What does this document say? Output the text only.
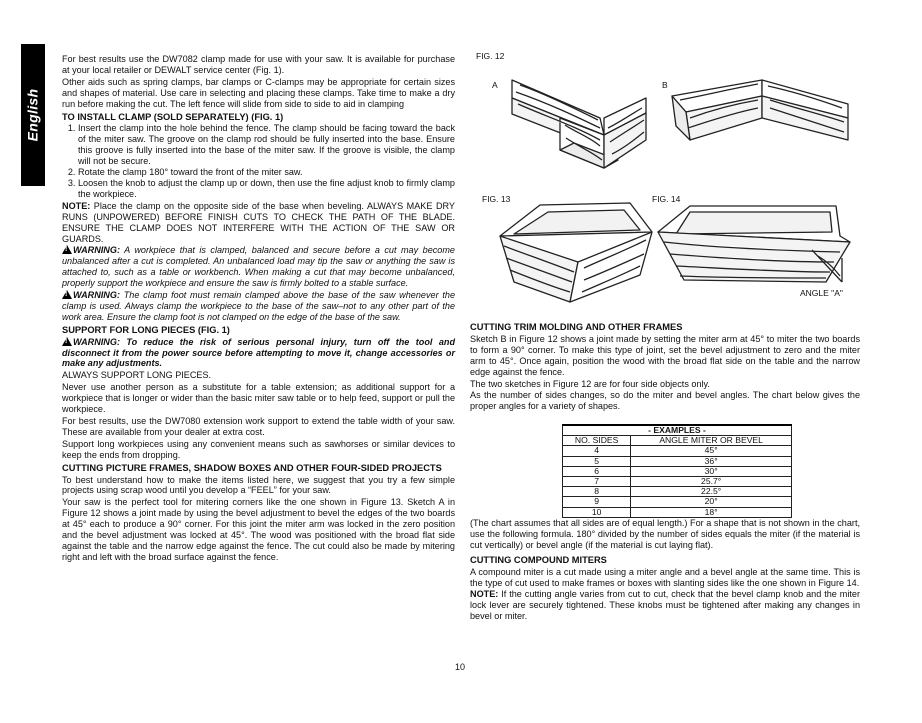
English

For best results use the DW7082 clamp made for use with your saw. It is available for purchase at your local retailer or DEWALT service center (Fig. 1).

Other aids such as spring clamps, bar clamps or C-clamps may be appropriate for certain sizes and shapes of material. Use care in selecting and placing these clamps. Take time to make a dry run before making the cut. The left fence will slide from side to side to aid in clamping

TO INSTALL CLAMP (SOLD SEPARATELY) (FIG. 1)
1. Insert the clamp into the hole behind the fence. The clamp should be facing toward the back of the miter saw. The groove on the clamp rod should be fully inserted into the base. Ensure this groove is fully inserted into the base of the miter saw. If the groove is visible, the clamp will not be secure.
2. Rotate the clamp 180° toward the front of the miter saw.
3. Loosen the knob to adjust the clamp up or down, then use the fine adjust knob to firmly clamp the workpiece.

NOTE: Place the clamp on the opposite side of the base when beveling. ALWAYS MAKE DRY RUNS (UNPOWERED) BEFORE FINISH CUTS TO CHECK THE PATH OF THE BLADE. ENSURE THE CLAMP DOES NOT INTERFERE WITH THE ACTION OF THE SAW OR GUARDS.

!WARNING: A workpiece that is clamped, balanced and secure before a cut may become unbalanced after a cut is completed. An unbalanced load may tip the saw or anything the saw is attached to, such as a table or workbench. When making a cut that may become unbalanced, properly support the workpiece and ensure the saw is firmly bolted to a stable surface.

!WARNING: The clamp foot must remain clamped above the base of the saw whenever the clamp is used. Always clamp the workpiece to the base of the saw–not to any other part of the work area. Ensure the clamp foot is not clamped on the edge of the base of the saw.

SUPPORT FOR LONG PIECES (FIG. 1)

!WARNING: To reduce the risk of serious personal injury, turn off the tool and disconnect it from the power source before attempting to move it, change accessories or make any adjustments.

ALWAYS SUPPORT LONG PIECES.

Never use another person as a substitute for a table extension; as additional support for a workpiece that is longer or wider than the basic miter saw table or to help feed, support or pull the workpiece.

For best results, use the DW7080 extension work support to extend the table width of your saw. These are available from your dealer at extra cost.

Support long workpieces using any convenient means such as sawhorses or similar devices to keep the ends from dropping.

CUTTING PICTURE FRAMES, SHADOW BOXES AND OTHER FOUR-SIDED PROJECTS

To best understand how to make the items listed here, we suggest that you try a few simple projects using scrap wood until you develop a “FEEL” for your saw.

Your saw is the perfect tool for mitering corners like the one shown in Figure 13. Sketch A in Figure 12 shows a joint made by using the bevel adjustment to bevel the edges of the two boards at 45° each to produce a 90° corner. For this joint the miter arm was locked in the zero position and the bevel adjustment was locked at 45°. The wood was positioned with the broad flat side against the table and the narrow edge against the fence. The cut could also be made by mitering right and left with the broad surface against the fence.

FIG. 12
A	B
FIG. 13	FIG. 14
ANGLE "A"
CUTTING TRIM MOLDING AND OTHER FRAMES

Sketch B in Figure 12 shows a joint made by setting the miter arm at 45° to miter the two boards to form a 90° corner. To make this type of joint, set the bevel adjustment to zero and the miter arm to 45°. Once again, position the wood with the broad flat side on the table and the narrow edge against the fence.

The two sketches in Figure 12 are for four side objects only.

As the number of sides changes, so do the miter and bevel angles. The chart below gives the proper angles for a variety of shapes.

- EXAMPLES -	
NO. SIDES	ANGLE MITER OR BEVEL
4	45°
5	36°
6	30°
7	25.7°
8	22.5°
9	20°
10	18°

(The chart assumes that all sides are of equal length.) For a shape that is not shown in the chart, use the following formula. 180° divided by the number of sides equals the miter (if the material is cut vertically) or bevel angle (if the material is cut laying flat).

CUTTING COMPOUND MITERS

A compound miter is a cut made using a miter angle and a bevel angle at the same time. This is the type of cut used to make frames or boxes with slanting sides like the one shown in Figure 14.

NOTE: If the cutting angle varies from cut to cut, check that the bevel clamp knob and the miter lock lever are securely tightened. These knobs must be tightened after making any changes in bevel or miter.

10
